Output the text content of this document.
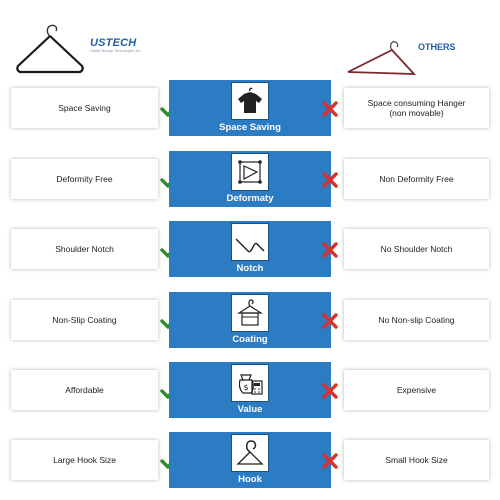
USTECH
Global Storage Technologies Inc	OTHERS
Space Saving
Space Saving
Space consuming Hanger
(non movable)
Deformity Free
Deformaty
Non Deformity Free
Shoulder Notch
Notch
No Shoulder Notch
Non-Slip Coating
Coating
No Non-slip Coating
Affordable	$
Value
Expensive
Large Hook Size
Hook
Small Hook Size
